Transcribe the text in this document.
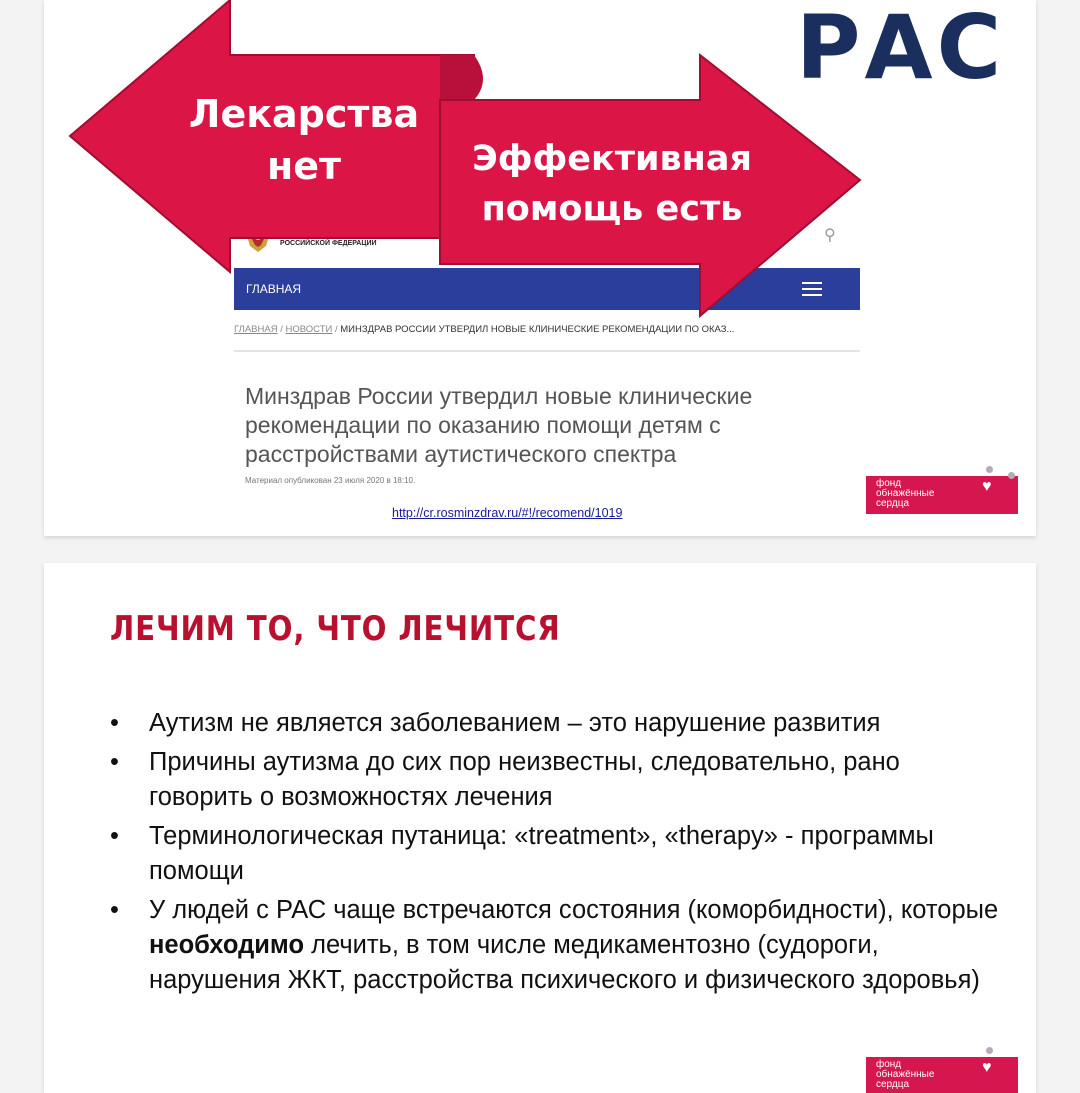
РОССИЙСКОЙ ФЕДЕРАЦИИ	⚲
ГЛАВНАЯ
ГЛАВНАЯ / НОВОСТИ / МИНЗДРАВ РОССИИ УТВЕРДИЛ НОВЫЕ КЛИНИЧЕСКИЕ РЕКОМЕНДАЦИИ ПО ОКАЗ...
Минздрав России утвердил новые клинические рекомендации по оказанию помощи детям с расстройствами аутистического спектра
Материал опубликован 23 июля 2020 в 18:10.
http://cr.rosminzdrav.ru/#!/recomend/1019
Лекарства
нет	Эффективная
помощь есть
РАС
фонд
обнажённые
сердца
♥
ЛЕЧИМ ТО, ЧТО ЛЕЧИТСЯ
• Аутизм не является заболеванием – это нарушение развития
• Причины аутизма до сих пор неизвестны, следовательно, рано говорить о возможностях лечения
• Терминологическая путаница: «treatment», «therapy» - программы помощи
• У людей с РАС чаще встречаются состояния (коморбидности), которые необходимо лечить, в том числе медикаментозно (судороги, нарушения ЖКТ, расстройства психического и физического здоровья)
фонд
обнажённые
сердца
♥
